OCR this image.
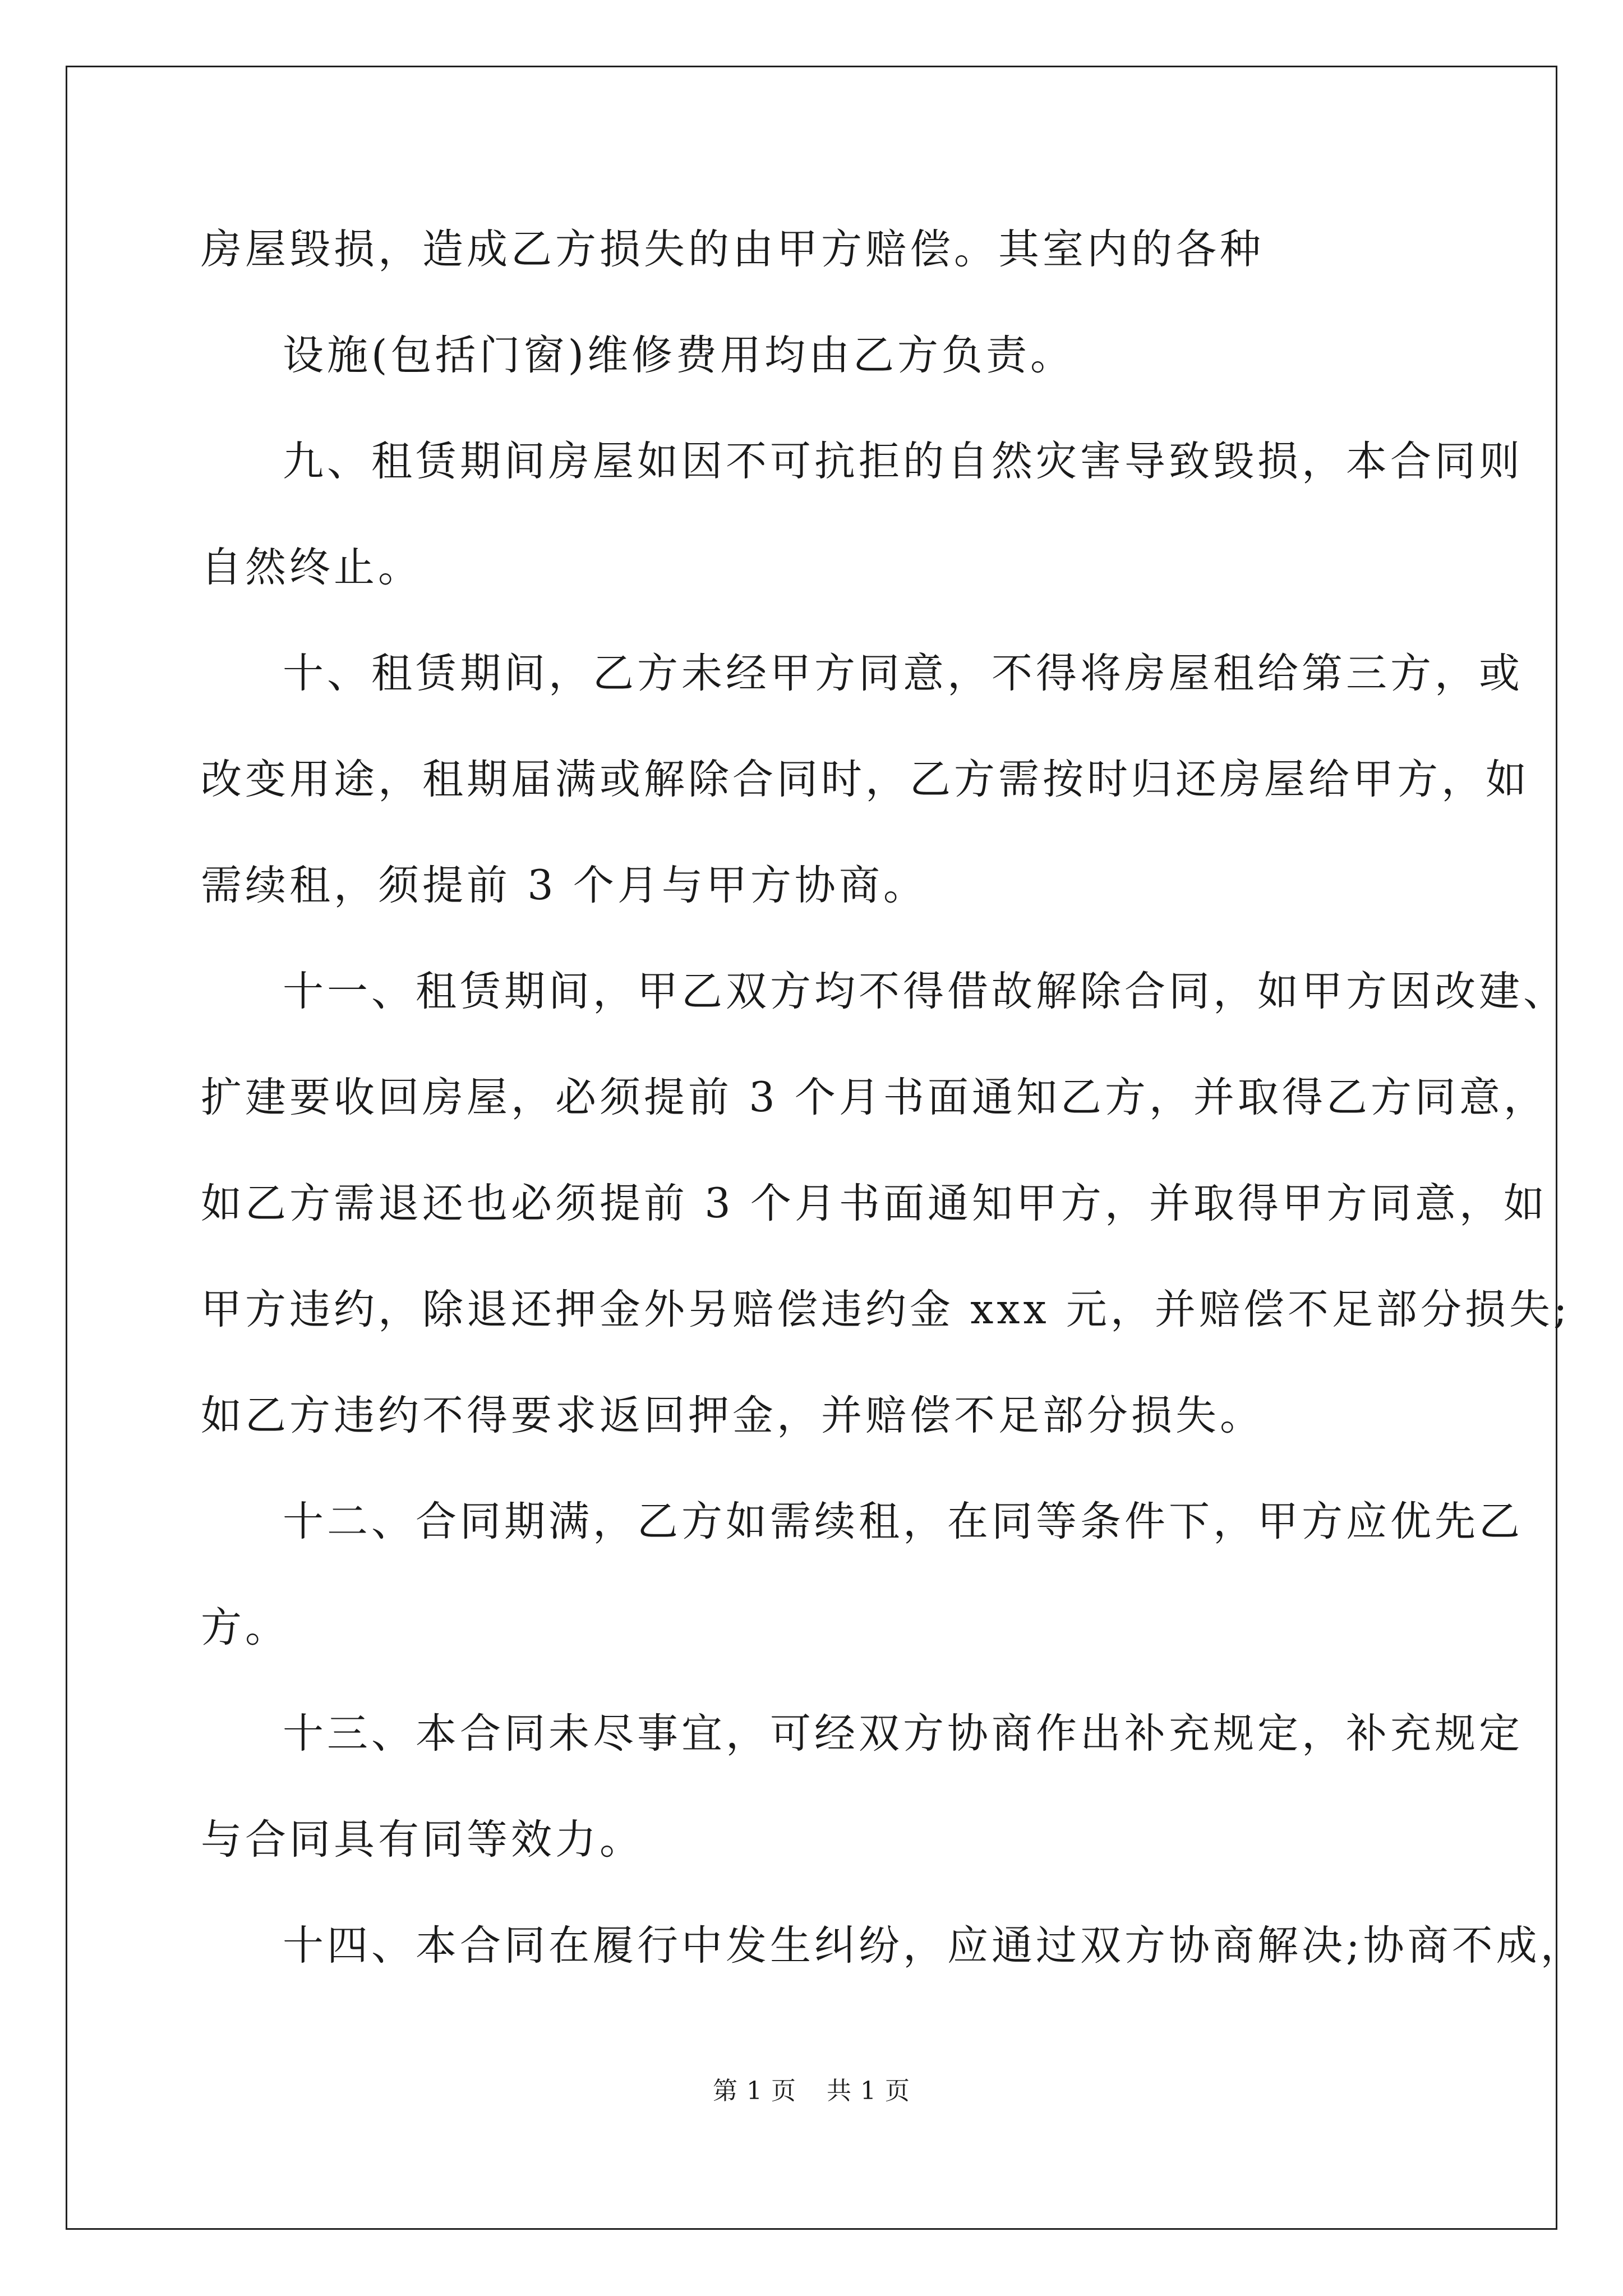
房屋毁损，造成乙方损失的由甲方赔偿。其室内的各种
设施(包括门窗)维修费用均由乙方负责。
九、租赁期间房屋如因不可抗拒的自然灾害导致毁损，本合同则
自然终止。
十、租赁期间，乙方未经甲方同意，不得将房屋租给第三方，或
改变用途，租期届满或解除合同时，乙方需按时归还房屋给甲方，如
需续租，须提前 3 个月与甲方协商。
十一、租赁期间，甲乙双方均不得借故解除合同，如甲方因改建、
扩建要收回房屋，必须提前 3 个月书面通知乙方，并取得乙方同意，
如乙方需退还也必须提前 3 个月书面通知甲方，并取得甲方同意，如
甲方违约，除退还押金外另赔偿违约金 xxx 元，并赔偿不足部分损失;
如乙方违约不得要求返回押金，并赔偿不足部分损失。
十二、合同期满，乙方如需续租，在同等条件下，甲方应优先乙
方。
十三、本合同未尽事宜，可经双方协商作出补充规定，补充规定
与合同具有同等效力。
十四、本合同在履行中发生纠纷，应通过双方协商解决;协商不成，
第 1 页 共 1 页
